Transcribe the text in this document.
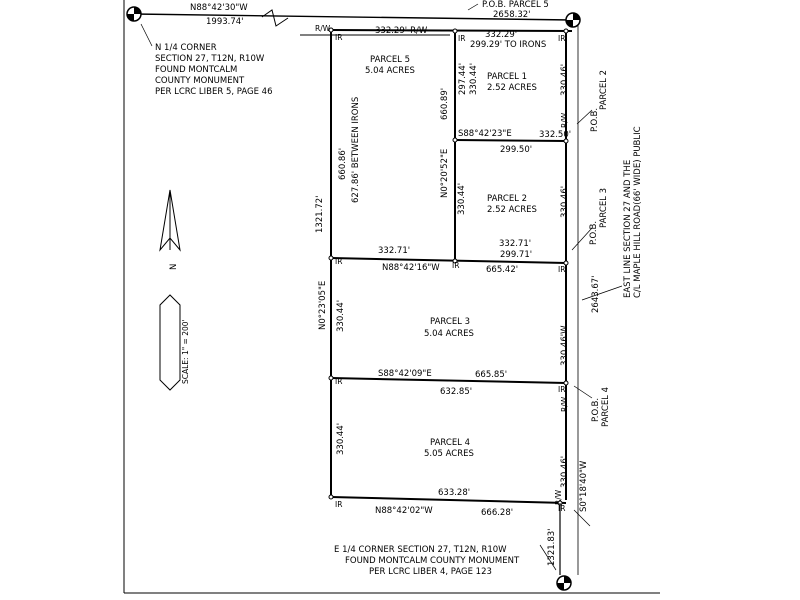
N88°42'30"W
1993.74'
P.O.B. PARCEL 5
2658.32'
R/W
IR
332.29'-R/W
IR	IR
332.29'
299.29' TO IRONS
N 1/4 CORNER
SECTION 27, T12N, R10W
FOUND MONTCALM
COUNTY MONUMENT
PER LCRC LIBER 5, PAGE 46
PARCEL 5
5.04 ACRES
PARCEL 1
2.52 ACRES
PARCEL 2
2.52 ACRES
PARCEL 3
5.04 ACRES
PARCEL 4
5.05 ACRES
660.86' 627.86' BETWEEN IRONS
332.71'
1321.72'
N0°23'05"E 330.44'
330.44'
297.44' 330.44'	330.46'
R/W
S88°42'23"E	332.50'
660.89'
N0°20'52"E
330.44'
299.50'
330.46'
332.71'
299.71'
IR
N88°42'16"W IR	665.42'	IR
P.O.B.
PARCEL 2
P.O.B.
PARCEL 3 EAST LINE SECTION 27 AND THE C/L MAPLE HILL ROAD(66' WIDE) PUBLIC
2643.67'
330.46'W
IR
S88°42'09"E	665.85'
IR
632.85'
R/W
330.46'
P.O.B. PARCEL 4
S0°18'40"W
633.28'	R/W
IR
N88°42'02"W	666.28'	IR
1321.83'
E 1/4 CORNER SECTION 27, T12N, R10W
FOUND MONTCALM COUNTY MONUMENT
PER LCRC LIBER 4, PAGE 123
N
SCALE: 1" = 200'
